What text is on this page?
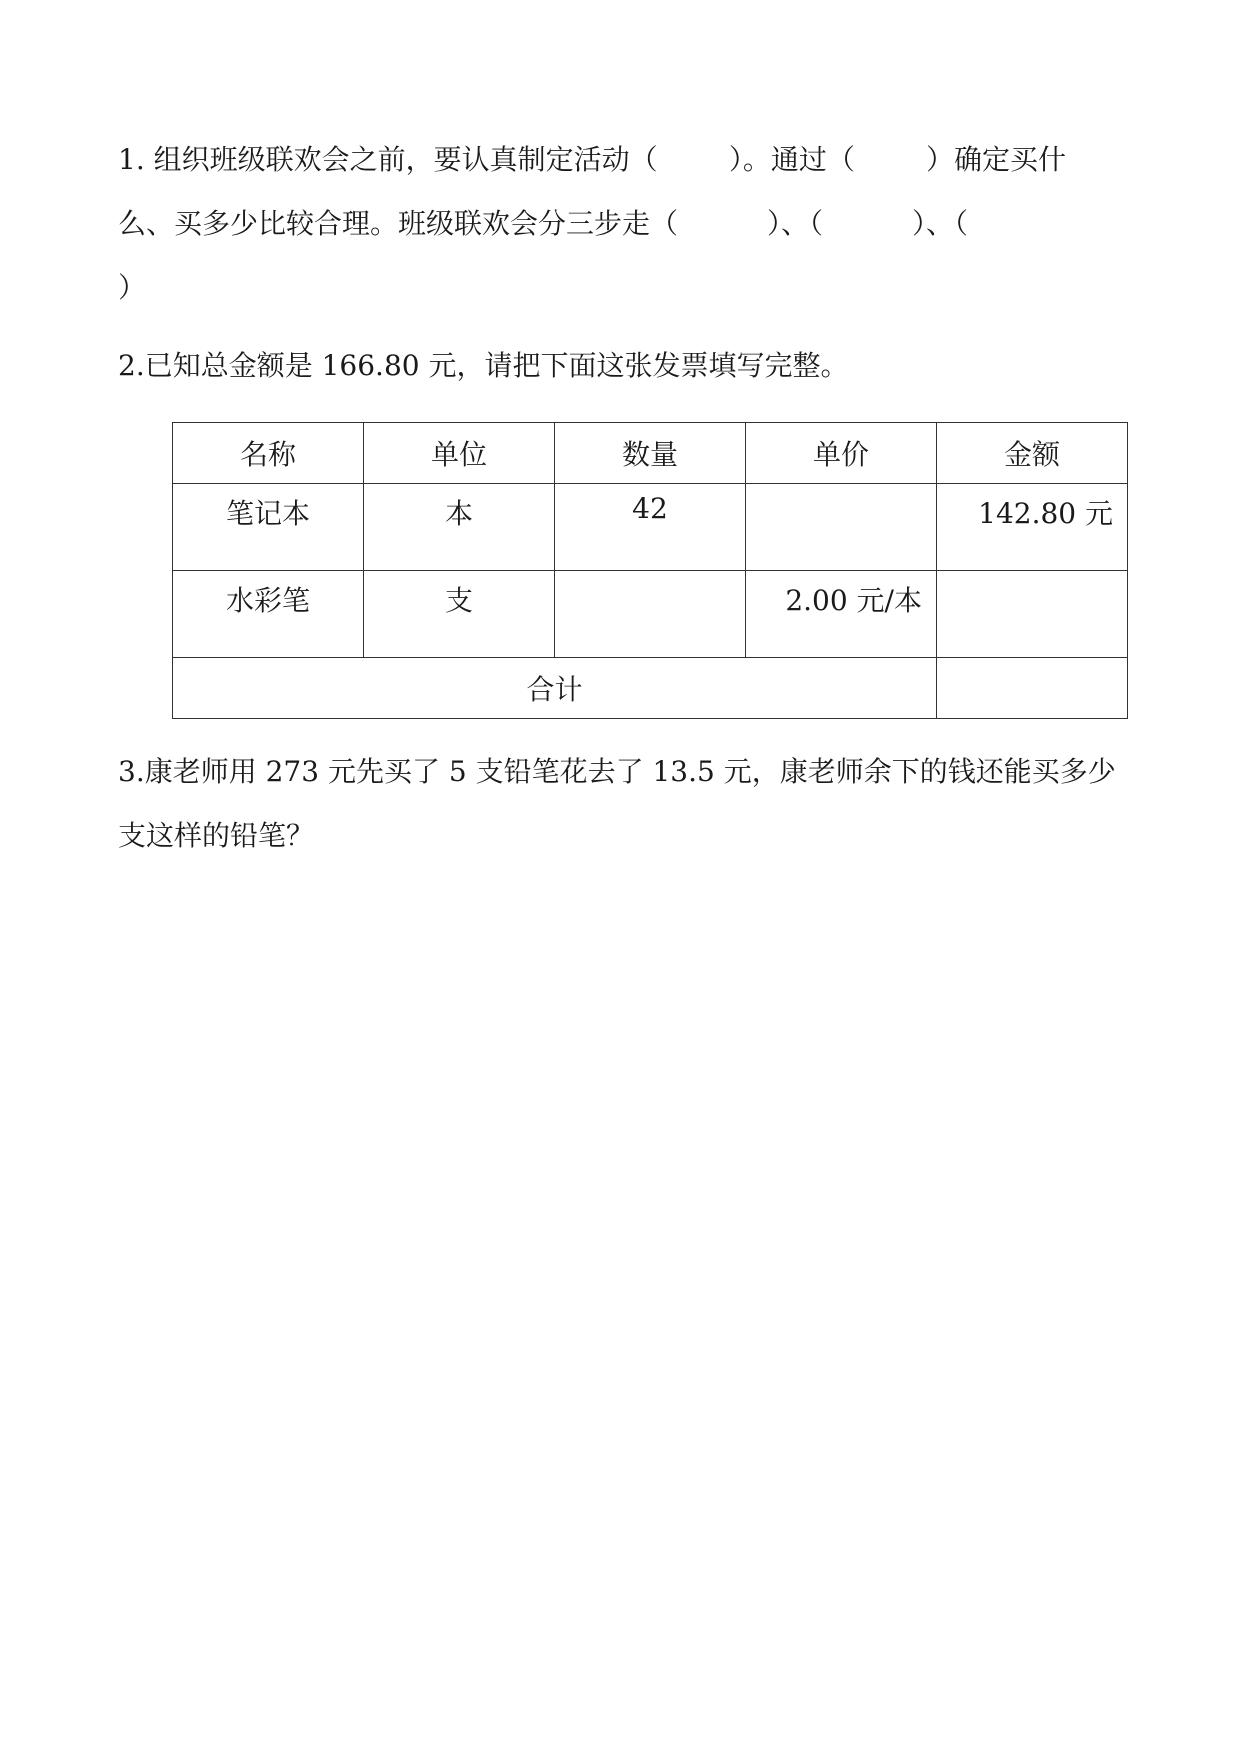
1. 组织班级联欢会之前，要认真制定活动（        ）。通过（        ）确定买什

么、买多少比较合理。班级联欢会分三步走（          ）、（          ）、（

）

2.已知总金额是 166.80 元，请把下面这张发票填写完整。

名称	单位	数量	单价	金额

笔记本	本	42		142.80 元

水彩笔	支		2.00 元/本	

合计				

3.康老师用 273 元先买了 5 支铅笔花去了 13.5 元，康老师余下的钱还能买多少

支这样的铅笔？
